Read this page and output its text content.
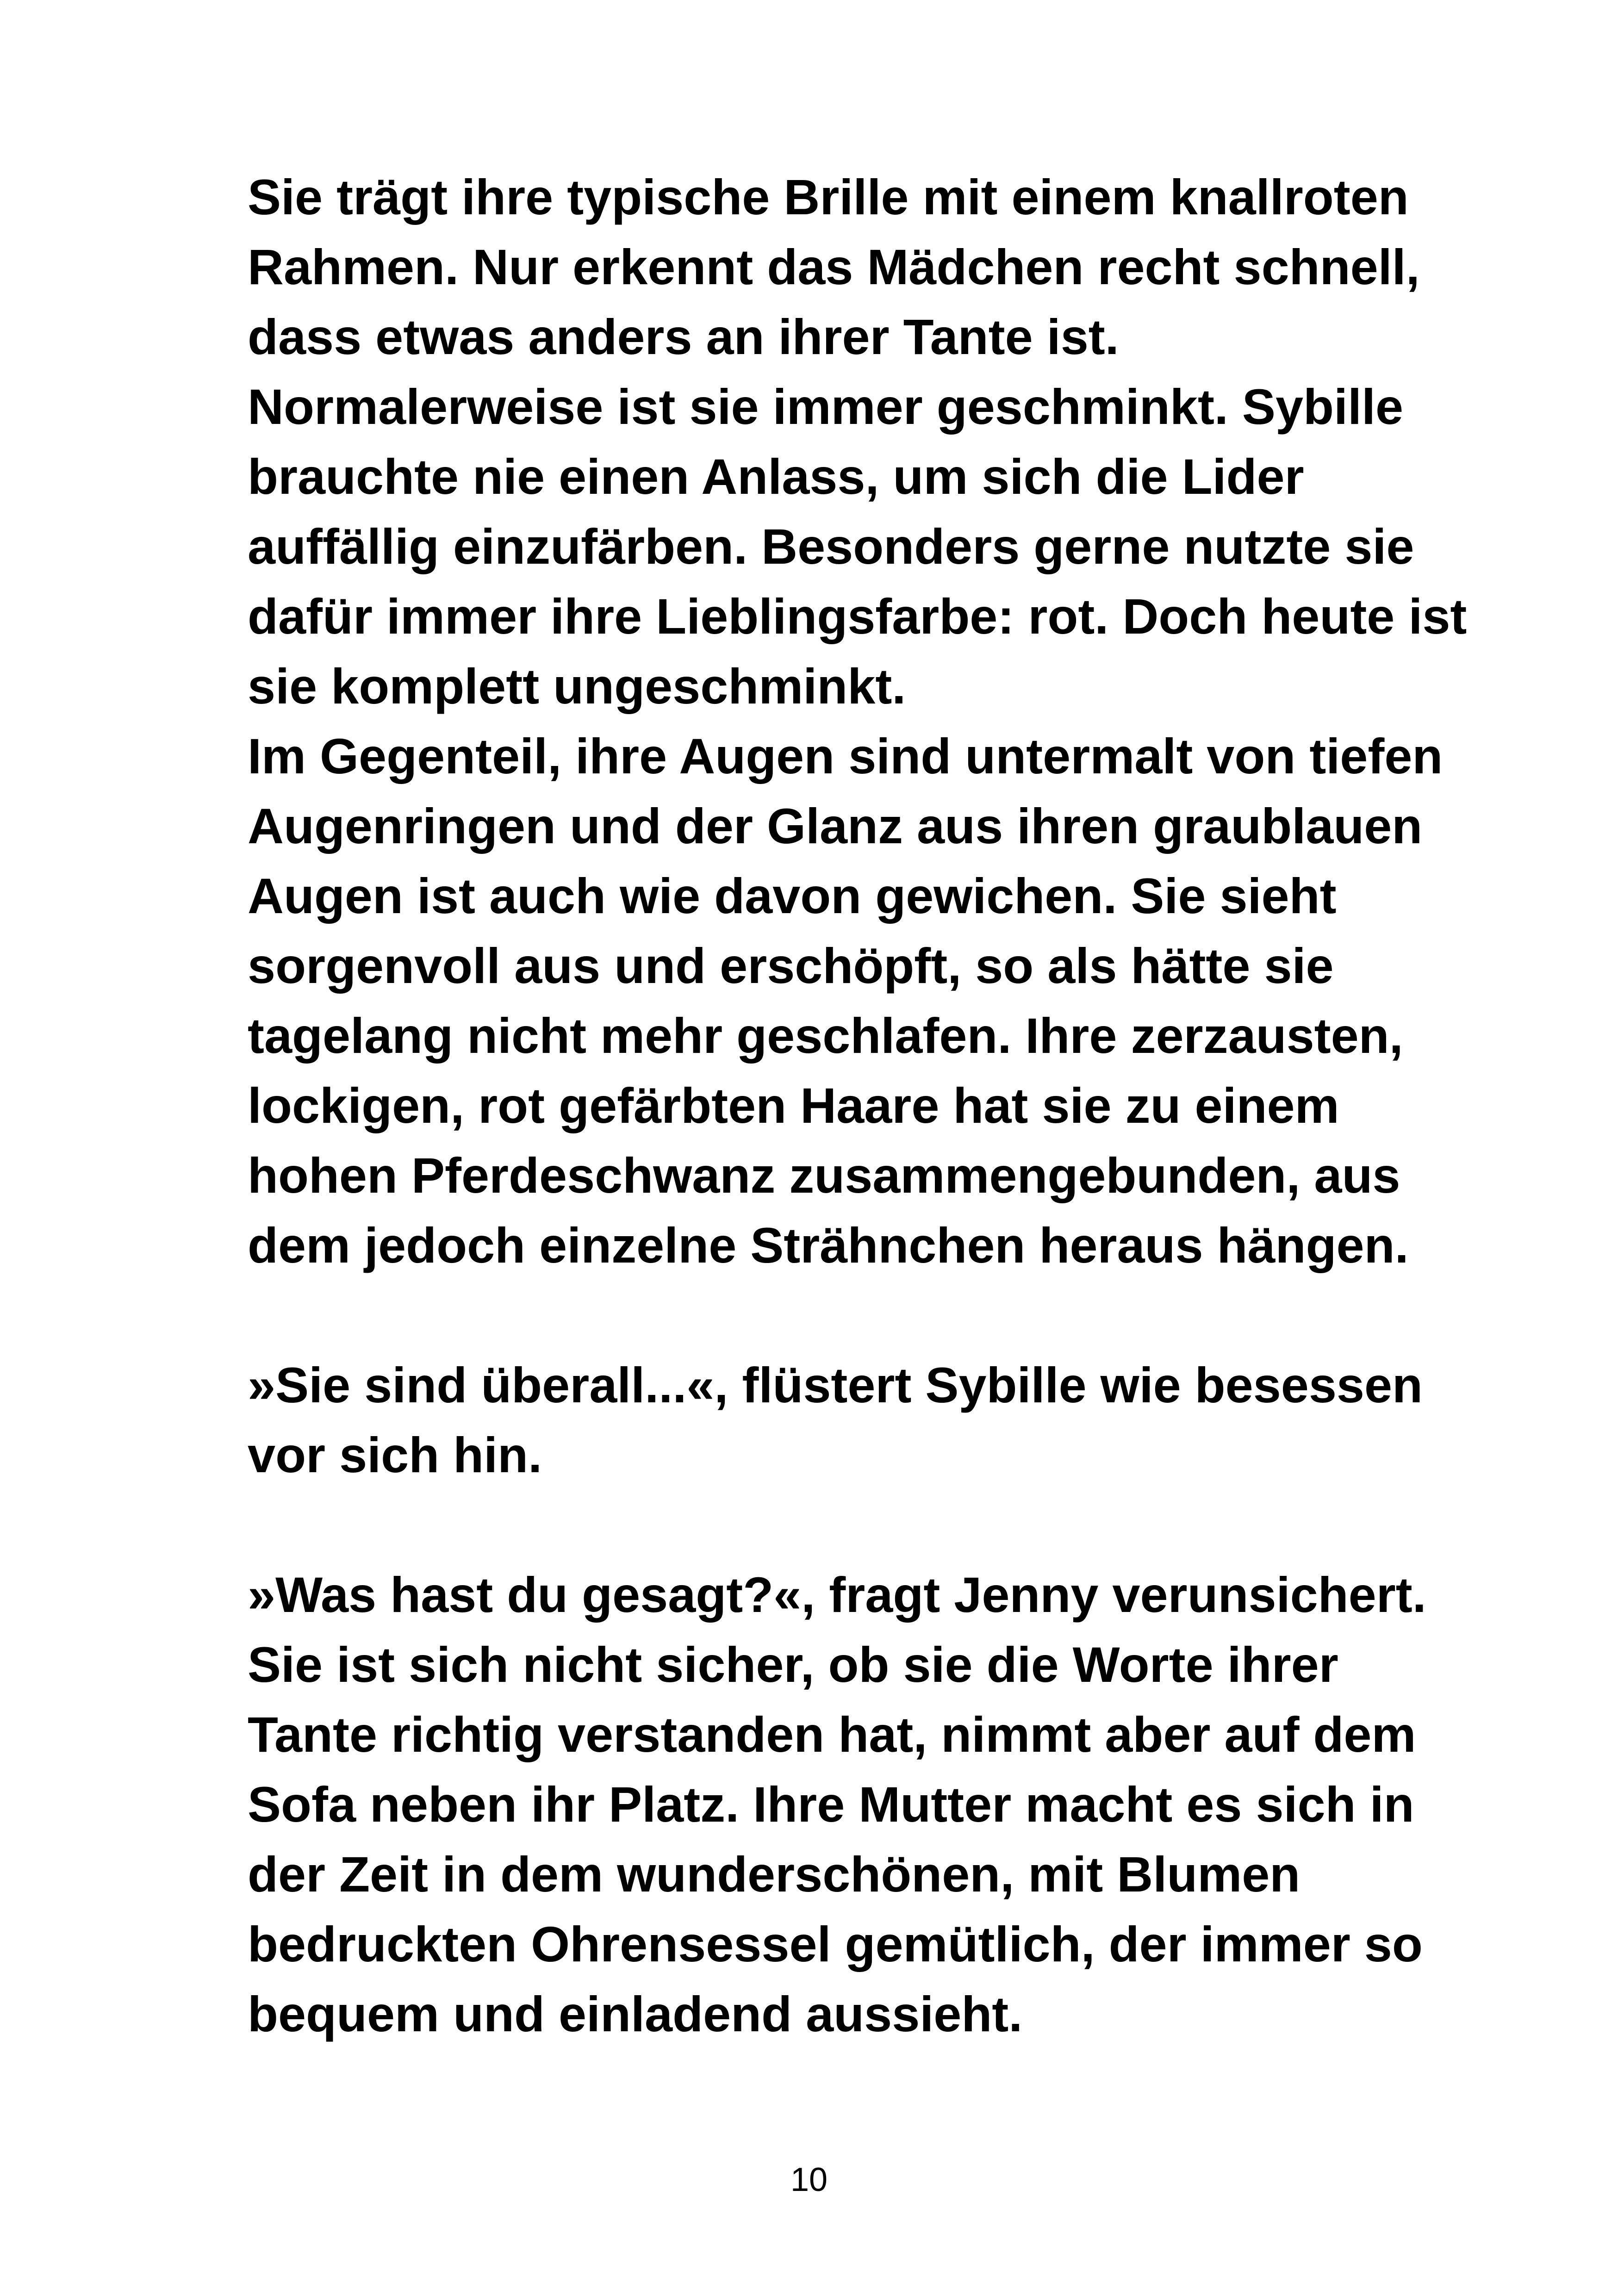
Sie trägt ihre typische Brille mit einem knallroten
Rahmen. Nur erkennt das Mädchen recht schnell,
dass etwas anders an ihrer Tante ist.
Normalerweise ist sie immer geschminkt. Sybille
brauchte nie einen Anlass, um sich die Lider
auffällig einzufärben. Besonders gerne nutzte sie
dafür immer ihre Lieblingsfarbe: rot. Doch heute ist
sie komplett ungeschminkt.
Im Gegenteil, ihre Augen sind untermalt von tiefen
Augenringen und der Glanz aus ihren graublauen
Augen ist auch wie davon gewichen. Sie sieht
sorgenvoll aus und erschöpft, so als hätte sie
tagelang nicht mehr geschlafen. Ihre zerzausten,
lockigen, rot gefärbten Haare hat sie zu einem
hohen Pferdeschwanz zusammengebunden, aus
dem jedoch einzelne Strähnchen heraus hängen.
»Sie sind überall...«, flüstert Sybille wie besessen
vor sich hin.
»Was hast du gesagt?«, fragt Jenny verunsichert.
Sie ist sich nicht sicher, ob sie die Worte ihrer
Tante richtig verstanden hat, nimmt aber auf dem
Sofa neben ihr Platz. Ihre Mutter macht es sich in
der Zeit in dem wunderschönen, mit Blumen
bedruckten Ohrensessel gemütlich, der immer so
bequem und einladend aussieht.
10
